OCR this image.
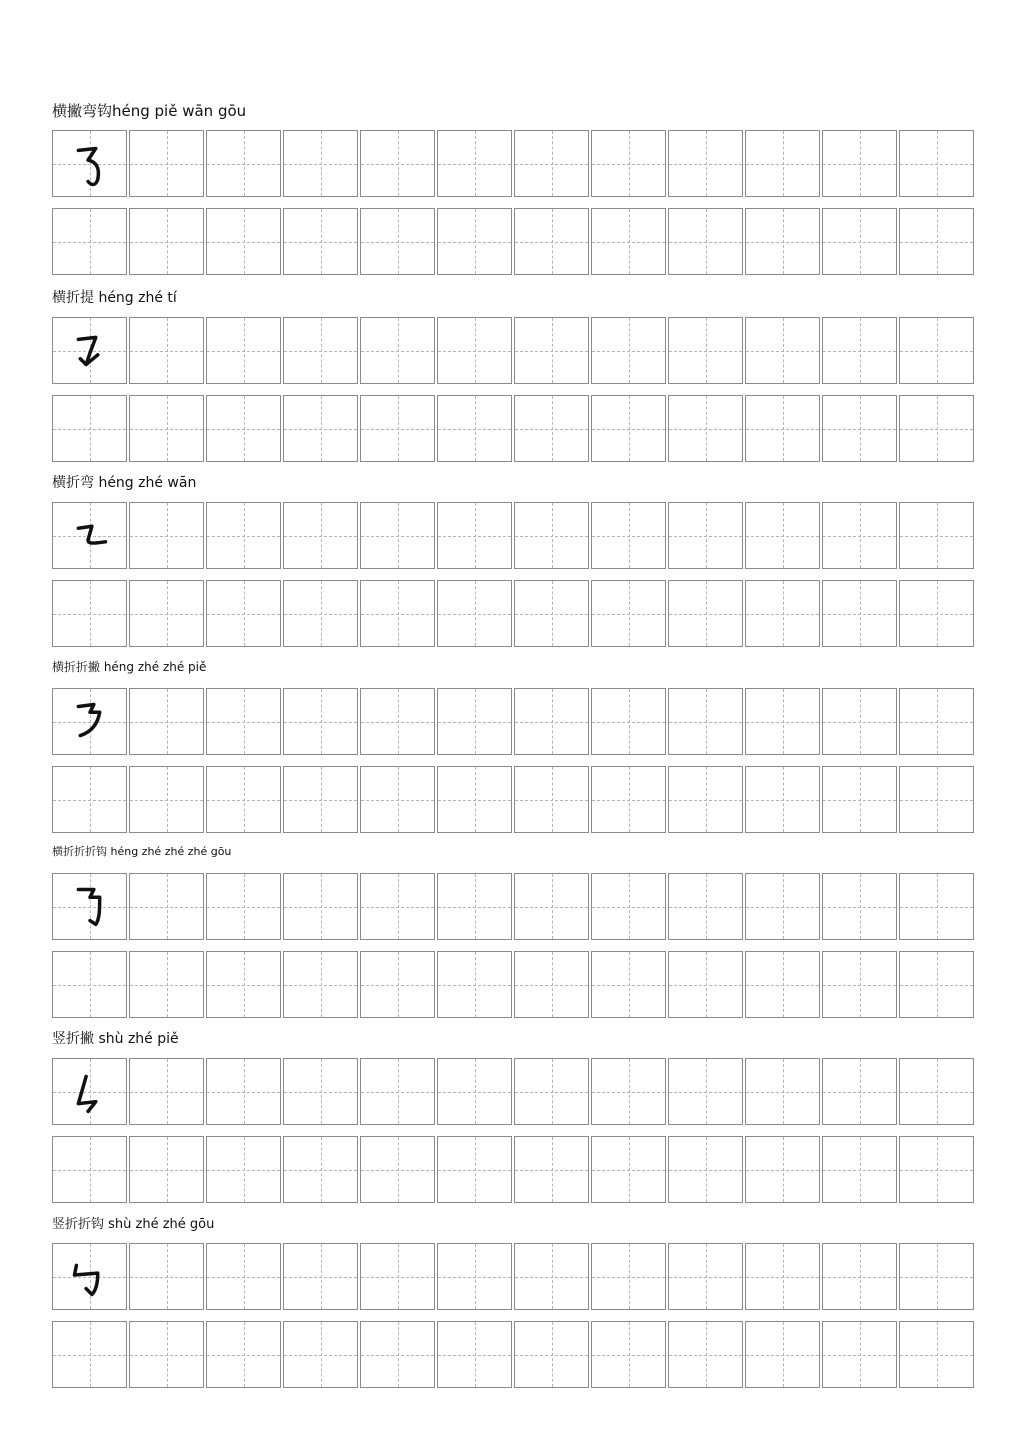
横撇弯钩héng piě wān gōu
横折提 héng zhé tí
横折弯 héng zhé wān
横折折撇 héng zhé zhé piě
横折折折钩 héng zhé zhé zhé gōu
竖折撇 shù zhé piě
竖折折钩 shù zhé zhé gōu
